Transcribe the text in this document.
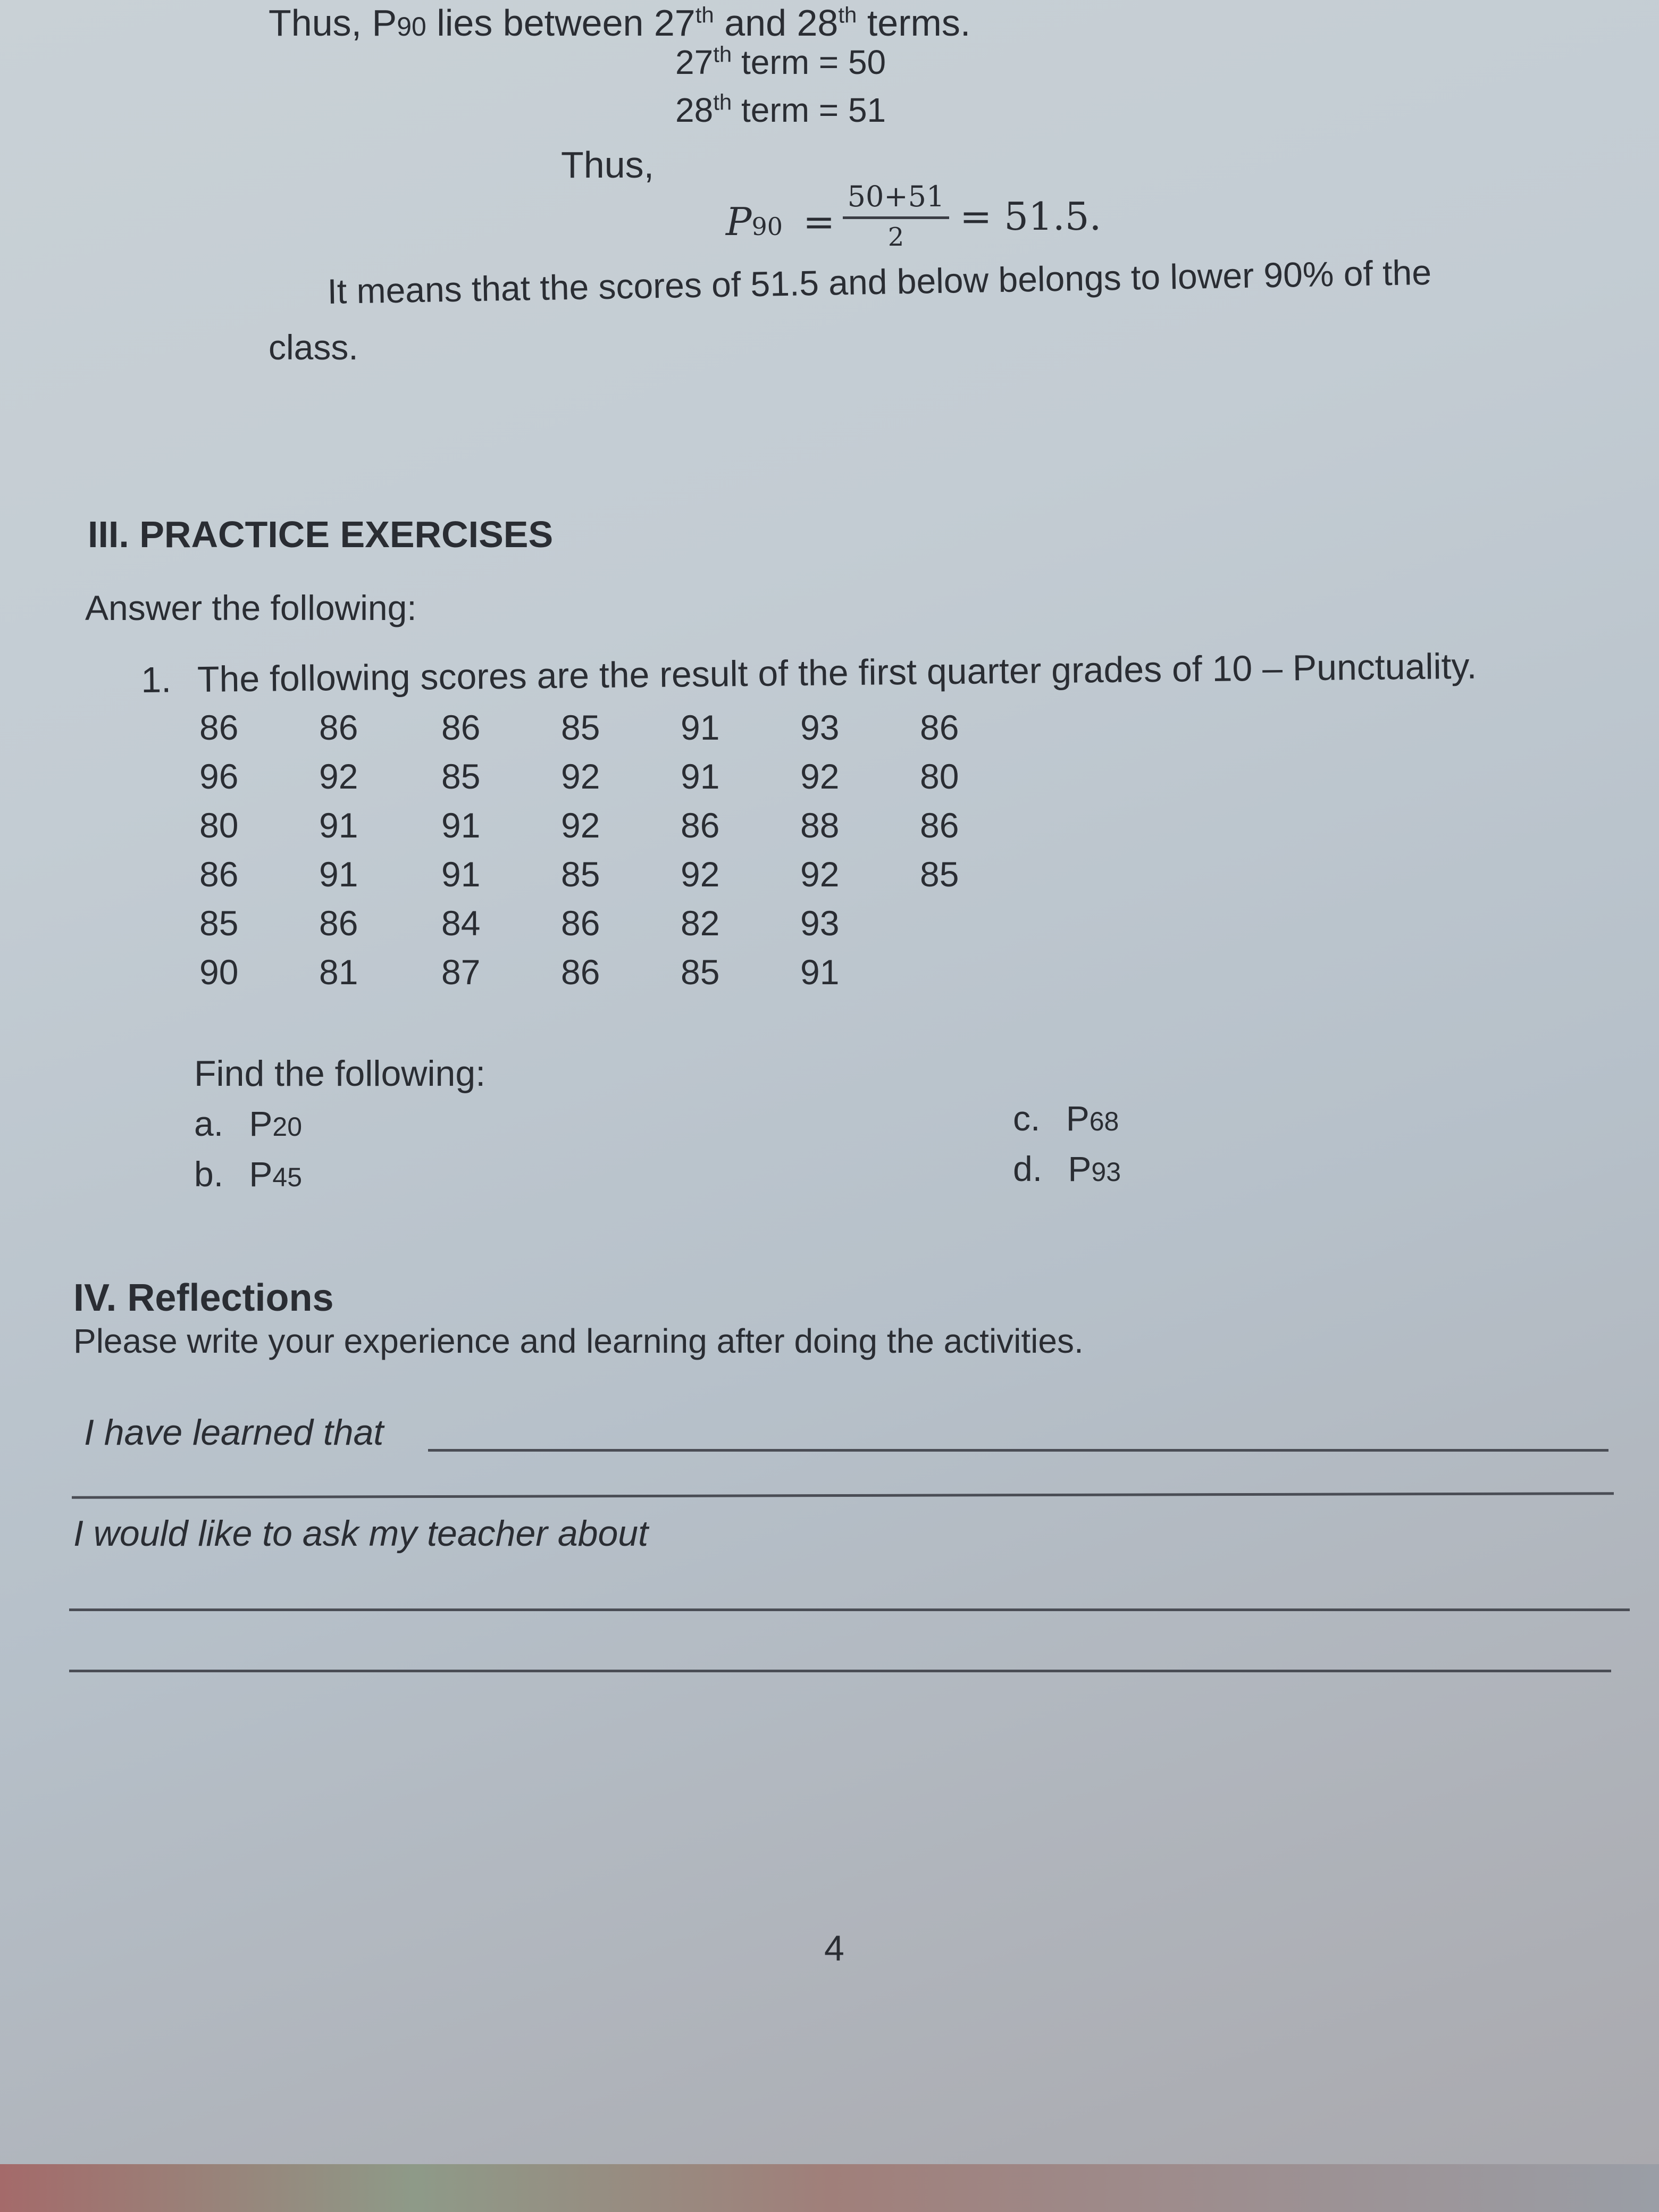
Thus, P90 lies between 27th and 28th terms.
27th term = 50
28th term = 51
Thus,
P90 =
50+51
2	= 51.5.
It means that the scores of 51.5 and below belongs to lower 90% of the
class.
III. PRACTICE EXERCISES
Answer the following:
1. The following scores are the result of the first quarter grades of 10 – Punctuality.
86 86 86 85 91 93 86
96 92 85 92 91 92 80
80 91 91 92 86 88 86
86 91 91 85 92 92 85
85 86 84 86 82 93
90 81 87 86 85 91
Find the following:
a. P20
b. P45
c. P68
d. P93
IV. Reflections
Please write your experience and learning after doing the activities.
I have learned that
I would like to ask my teacher about
4
